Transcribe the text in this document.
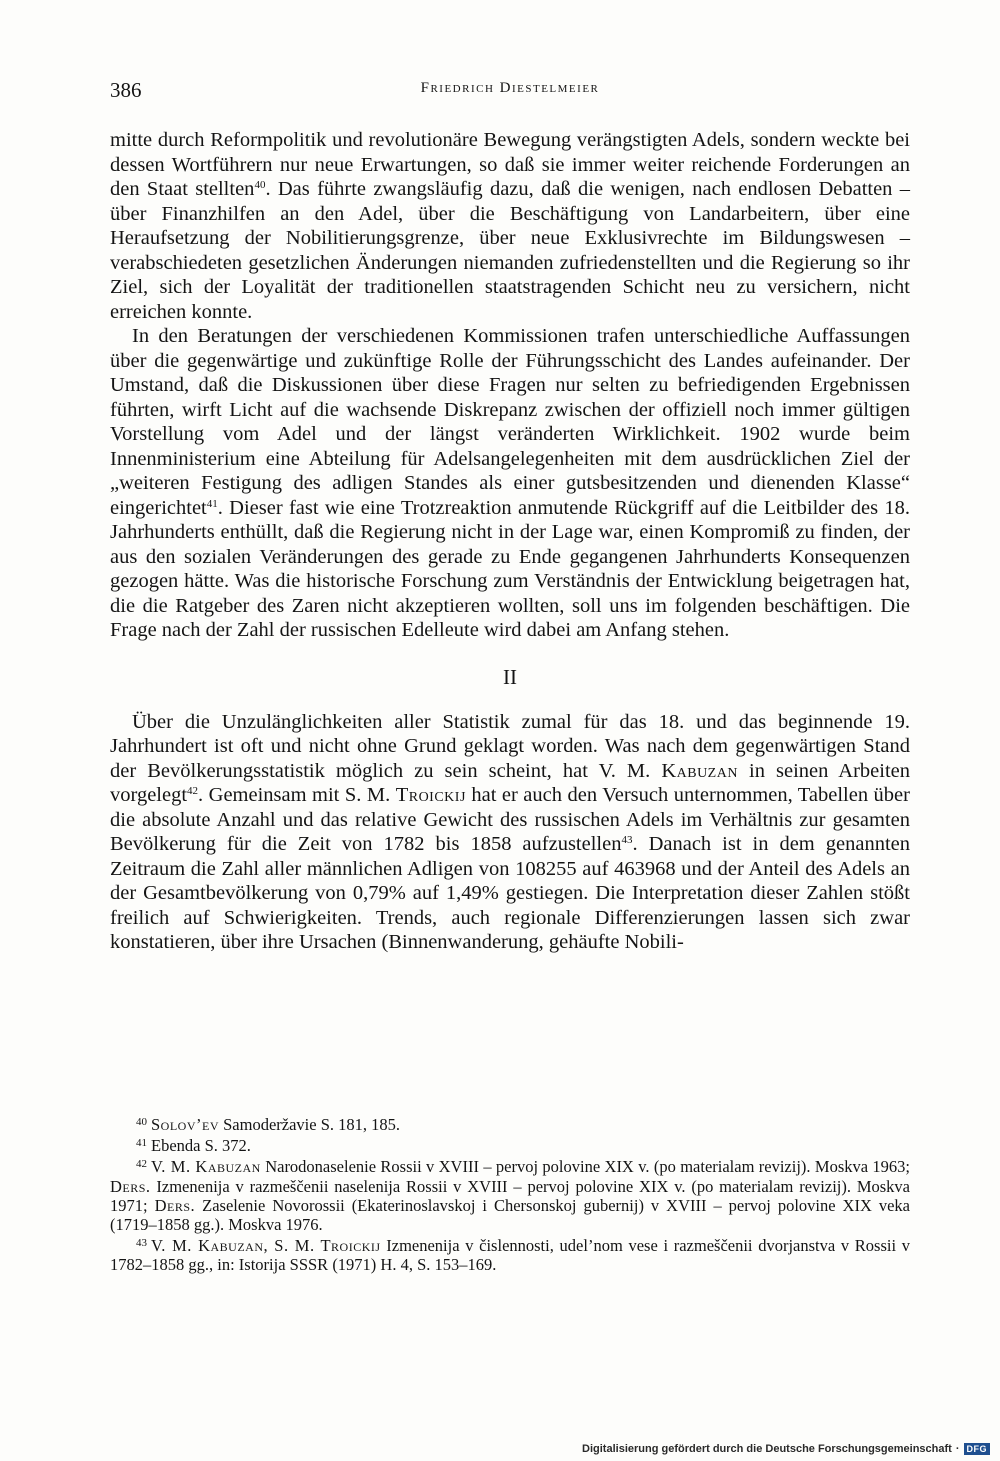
386	Friedrich Diestelmeier

mitte durch Reformpolitik und revolutionäre Bewegung verängstigten Adels, sondern weckte bei dessen Wortführern nur neue Erwartungen, so daß sie immer weiter reichende Forderungen an den Staat stellten$^{40}$. Das führte zwangsläufig dazu, daß die wenigen, nach endlosen Debatten – über Finanzhilfen an den Adel, über die Beschäftigung von Landarbeitern, über eine Heraufsetzung der Nobilitierungsgrenze, über neue Exklusivrechte im Bildungswesen – verabschiedeten gesetzlichen Änderungen niemanden zufriedenstellten und die Regierung so ihr Ziel, sich der Loyalität der traditionellen staatstragenden Schicht neu zu versichern, nicht erreichen konnte.

In den Beratungen der verschiedenen Kommissionen trafen unterschiedliche Auffassungen über die gegenwärtige und zukünftige Rolle der Führungsschicht des Landes aufeinander. Der Umstand, daß die Diskussionen über diese Fragen nur selten zu befriedigenden Ergebnissen führten, wirft Licht auf die wachsende Diskrepanz zwischen der offiziell noch immer gültigen Vorstellung vom Adel und der längst veränderten Wirklichkeit. 1902 wurde beim Innenministerium eine Abteilung für Adelsangelegenheiten mit dem ausdrücklichen Ziel der „weiteren Festigung des adligen Standes als einer gutsbesitzenden und dienenden Klasse“ eingerichtet$^{41}$. Dieser fast wie eine Trotzreaktion anmutende Rückgriff auf die Leitbilder des 18. Jahrhunderts enthüllt, daß die Regierung nicht in der Lage war, einen Kompromiß zu finden, der aus den sozialen Veränderungen des gerade zu Ende gegangenen Jahrhunderts Konsequenzen gezogen hätte. Was die historische Forschung zum Verständnis der Entwicklung beigetragen hat, die die Ratgeber des Zaren nicht akzeptieren wollten, soll uns im folgenden beschäftigen. Die Frage nach der Zahl der russischen Edelleute wird dabei am Anfang stehen.

II

Über die Unzulänglichkeiten aller Statistik zumal für das 18. und das beginnende 19. Jahrhundert ist oft und nicht ohne Grund geklagt worden. Was nach dem gegenwärtigen Stand der Bevölkerungsstatistik möglich zu sein scheint, hat V. M. Kabuzan in seinen Arbeiten vorgelegt$^{42}$. Gemeinsam mit S. M. Troickij hat er auch den Versuch unternommen, Tabellen über die absolute Anzahl und das relative Gewicht des russischen Adels im Verhältnis zur gesamten Bevölkerung für die Zeit von 1782 bis 1858 aufzustellen$^{43}$. Danach ist in dem genannten Zeitraum die Zahl aller männlichen Adligen von 108255 auf 463968 und der Anteil des Adels an der Gesamtbevölkerung von 0,79% auf 1,49% gestiegen. Die Interpretation dieser Zahlen stößt freilich auf Schwierigkeiten. Trends, auch regionale Differenzierungen lassen sich zwar konstatieren, über ihre Ursachen (Binnenwanderung, gehäufte Nobili-

$^{40}$ Solov’ev Samoderžavie S. 181, 185.

$^{41}$ Ebenda S. 372.

$^{42}$ V. M. Kabuzan Narodonaselenie Rossii v XVIII – pervoj polovine XIX v. (po materialam revizij). Moskva 1963; Ders. Izmenenija v razmeščenii naselenija Rossii v XVIII – pervoj polovine XIX v. (po materialam revizij). Moskva 1971; Ders. Zaselenie Novorossii (Ekaterinoslavskoj i Chersonskoj gubernij) v XVIII – pervoj polovine XIX veka (1719–1858 gg.). Moskva 1976.

$^{43}$ V. M. Kabuzan, S. M. Troickij Izmenenija v čislennosti, udel’nom vese i razmeščenii dvorjanstva v Rossii v 1782–1858 gg., in: Istorija SSSR (1971) H. 4, S. 153–169.

Digitalisierung gefördert durch die Deutsche Forschungsgemeinschaft · DFG
